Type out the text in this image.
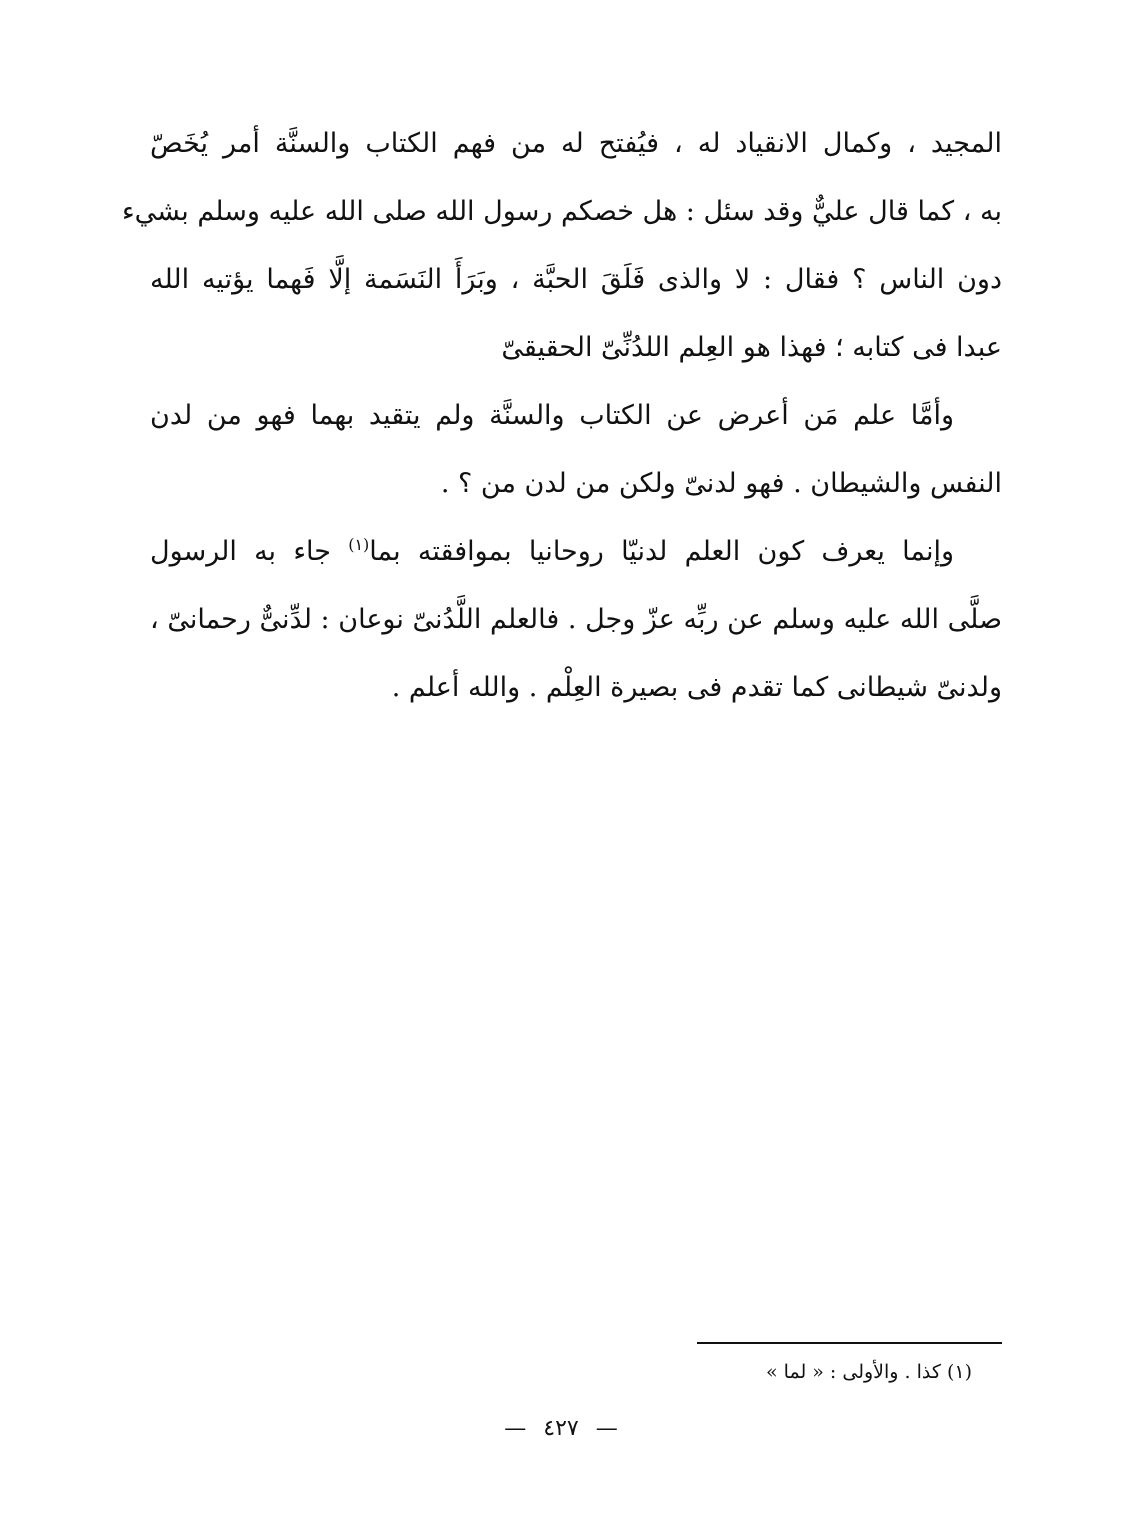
المجيد ، وكمال الانقياد له ، فيُفتح له من فهم الكتاب والسنَّة أمر يُخَصّ
به ، كما قال عليٌّ وقد سئل : هل خصكم رسول الله صلى الله عليه وسلم بشيء
دون الناس ؟ فقال : لا والذى فَلَقَ الحبَّة ، وبَرَأَ النَسَمة إلَّا فَهما يؤتيه الله
عبدا فى كتابه ؛ فهذا هو العِلم اللدُنِّىّ الحقيقىّ

وأمَّا علم مَن أعرض عن الكتاب والسنَّة ولم يتقيد بهما فهو من لدن
النفس والشيطان . فهو لدنىّ ولكن من لدن من ؟ .

وإنما يعرف كون العلم لدنيّا روحانيا بموافقته بما$^{(١)}$ جاء به الرسول
صلَّى الله عليه وسلم عن ربِّه عزّ وجل . فالعلم اللَّدُنىّ نوعان : لدِّنىٌّ رحمانىّ ،
ولدنىّ شيطانى كما تقدم فى بصيرة العِلْم . والله أعلم .

(١) كذا . والأولى : « لما »
— ٤٢٧ —
